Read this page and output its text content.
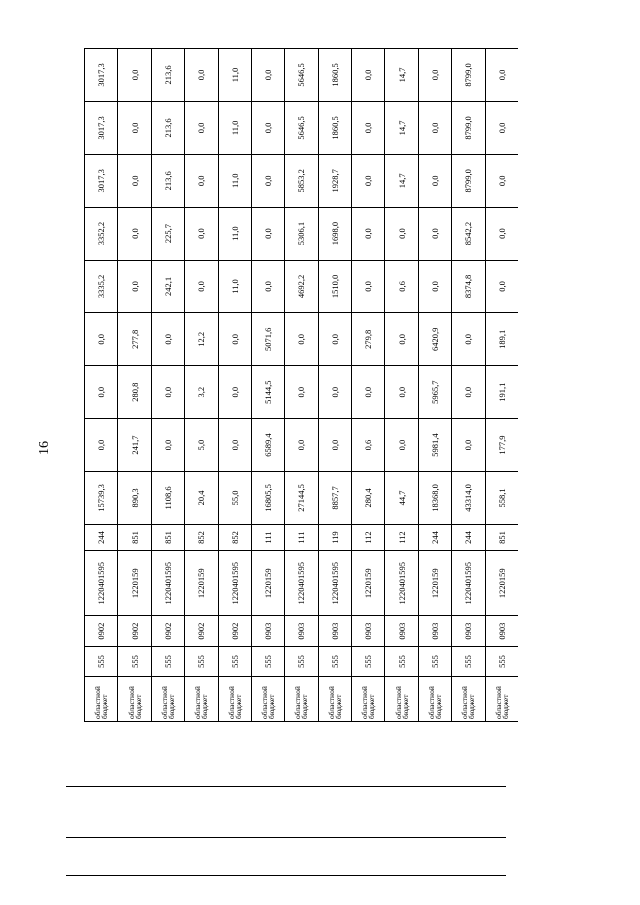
16
областной бюджет	555	0902	1220401595	244	15739,3	0,0	0,0	0,0	3335,2	3352,2	3017,3	3017,3	3017,3
областной бюджет	555	0902	1220159	851	890,3	241,7	280,8	277,8	0,0	0,0	0,0	0,0	0,0
областной бюджет	555	0902	1220401595	851	1108,6	0,0	0,0	0,0	242,1	225,7	213,6	213,6	213,6
областной бюджет	555	0902	1220159	852	20,4	5,0	3,2	12,2	0,0	0,0	0,0	0,0	0,0
областной бюджет	555	0902	1220401595	852	55,0	0,0	0,0	0,0	11,0	11,0	11,0	11,0	11,0
областной бюджет	555	0903	1220159	111	16805,5	6589,4	5144,5	5071,6	0,0	0,0	0,0	0,0	0,0
областной бюджет	555	0903	1220401595	111	27144,5	0,0	0,0	0,0	4692,2	5306,1	5853,2	5646,5	5646,5
областной бюджет	555	0903	1220401595	119	8857,7	0,0	0,0	0,0	1510,0	1698,0	1928,7	1860,5	1860,5
областной бюджет	555	0903	1220159	112	280,4	0,6	0,0	279,8	0,0	0,0	0,0	0,0	0,0
областной бюджет	555	0903	1220401595	112	44,7	0,0	0,0	0,0	0,6	0,0	14,7	14,7	14,7
областной бюджет	555	0903	1220159	244	18368,0	5981,4	5965,7	6420,9	0,0	0,0	0,0	0,0	0,0
областной бюджет	555	0903	1220401595	244	43314,0	0,0	0,0	0,0	8374,8	8542,2	8799,0	8799,0	8799,0
областной бюджет	555	0903	1220159	851	558,1	177,9	191,1	189,1	0,0	0,0	0,0	0,0	0,0
